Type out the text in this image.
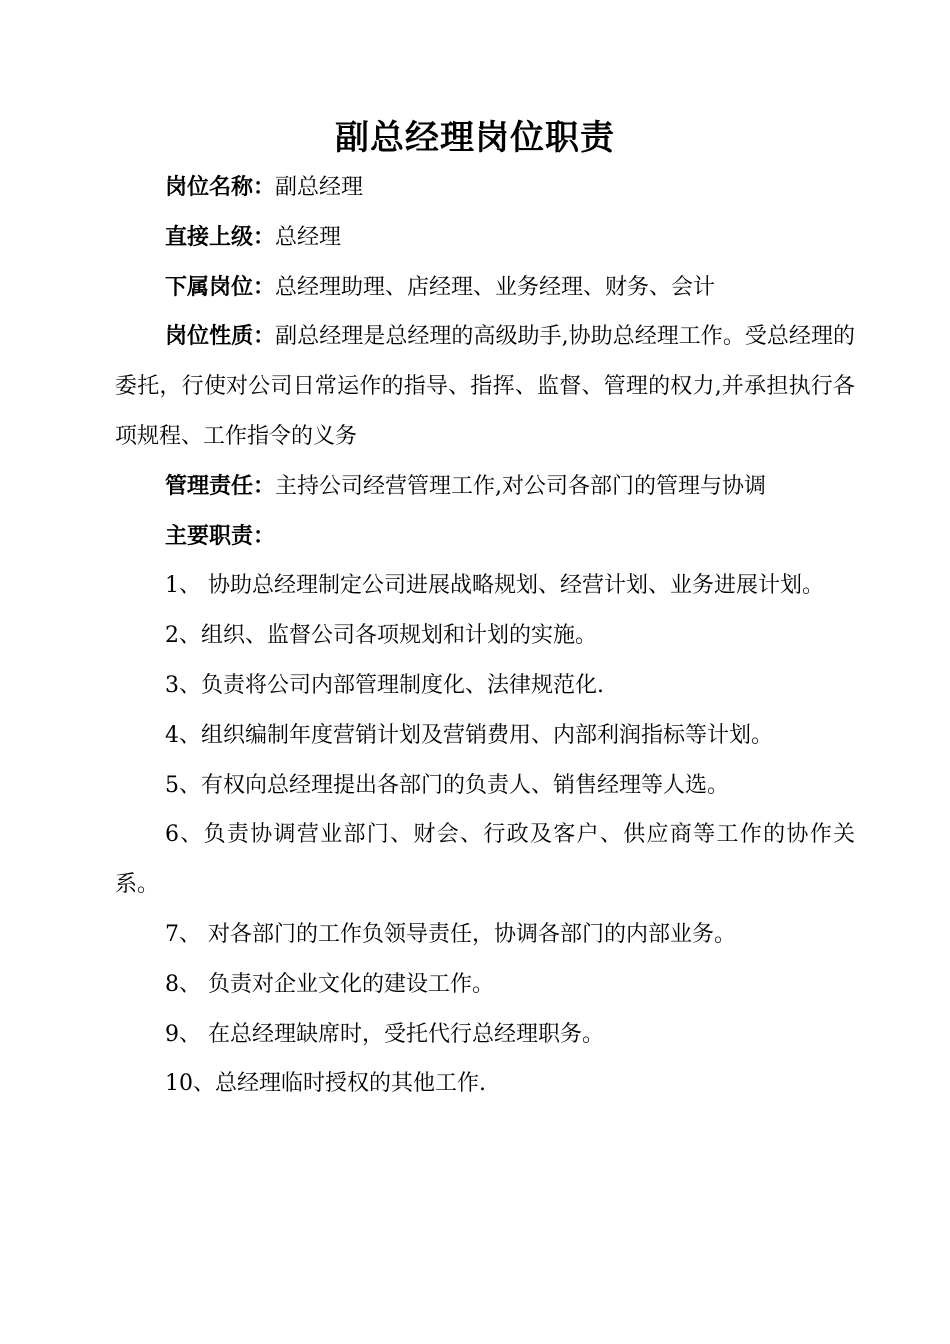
副总经理岗位职责

岗位名称：副总经理

直接上级：总经理

下属岗位：总经理助理、店经理、业务经理、财务、会计

岗位性质：副总经理是总经理的高级助手,协助总经理工作。受总经理的委托，行使对公司日常运作的指导、指挥、监督、管理的权力,并承担执行各项规程、工作指令的义务

管理责任：主持公司经营管理工作,对公司各部门的管理与协调

主要职责：

1、 协助总经理制定公司进展战略规划、经营计划、业务进展计划。

2、组织、监督公司各项规划和计划的实施。

3、负责将公司内部管理制度化、法律规范化.

4、组织编制年度营销计划及营销费用、内部利润指标等计划。

5、有权向总经理提出各部门的负责人、销售经理等人选。

6、负责协调营业部门、财会、行政及客户、供应商等工作的协作关系。

7、 对各部门的工作负领导责任，协调各部门的内部业务。

8、 负责对企业文化的建设工作。

9、 在总经理缺席时，受托代行总经理职务。

10、总经理临时授权的其他工作.
